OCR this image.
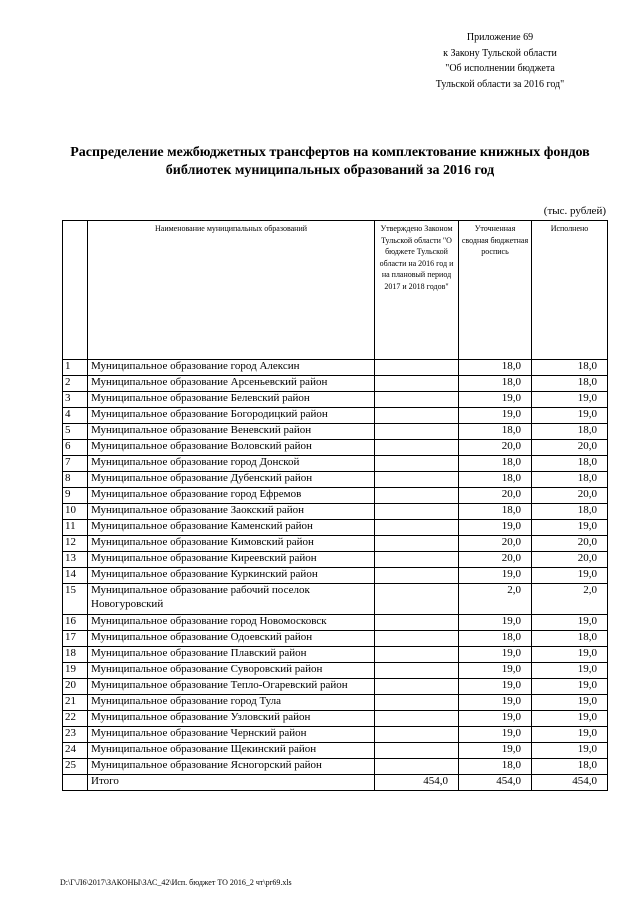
Приложение 69
к Закону Тульской области
"Об исполнении бюджета
Тульской области за 2016 год"
Распределение межбюджетных трансфертов на комплектование книжных фондов
библиотек муниципальных образований за 2016 год
(тыс. рублей)
	Наименование муниципальных образований	Утверждено Законом Тульской области "О бюджете Тульской области на 2016 год и на плановый период 2017 и 2018 годов"	Уточненная сводная бюджетная роспись	Исполнено
1	Муниципальное образование город Алексин		18,0	18,0
2	Муниципальное образование Арсеньевский район		18,0	18,0
3	Муниципальное образование Белевский район		19,0	19,0
4	Муниципальное образование Богородицкий район		19,0	19,0
5	Муниципальное образование Веневский район		18,0	18,0
6	Муниципальное образование Воловский район		20,0	20,0
7	Муниципальное образование город Донской		18,0	18,0
8	Муниципальное образование Дубенский район		18,0	18,0
9	Муниципальное образование город Ефремов		20,0	20,0
10	Муниципальное образование Заокский район		18,0	18,0
11	Муниципальное образование Каменский район		19,0	19,0
12	Муниципальное образование Кимовский район		20,0	20,0
13	Муниципальное образование Киреевский район		20,0	20,0
14	Муниципальное образование Куркинский район		19,0	19,0
15	Муниципальное образование рабочий поселок Новогуровский		2,0	2,0
16	Муниципальное образование город Новомосковск		19,0	19,0
17	Муниципальное образование Одоевский район		18,0	18,0
18	Муниципальное образование Плавский район		19,0	19,0
19	Муниципальное образование Суворовский район		19,0	19,0
20	Муниципальное образование Тепло-Огаревский район		19,0	19,0
21	Муниципальное образование город Тула		19,0	19,0
22	Муниципальное образование Узловский район		19,0	19,0
23	Муниципальное образование Чернский район		19,0	19,0
24	Муниципальное образование Щекинский район		19,0	19,0
25	Муниципальное образование Ясногорский район		18,0	18,0
	Итого	454,0	454,0	454,0
D:\Г\Л6\2017\ЗАКОНЫ\ЗАС_42\Исп. бюджет ТО 2016_2 чт\pr69.xls
